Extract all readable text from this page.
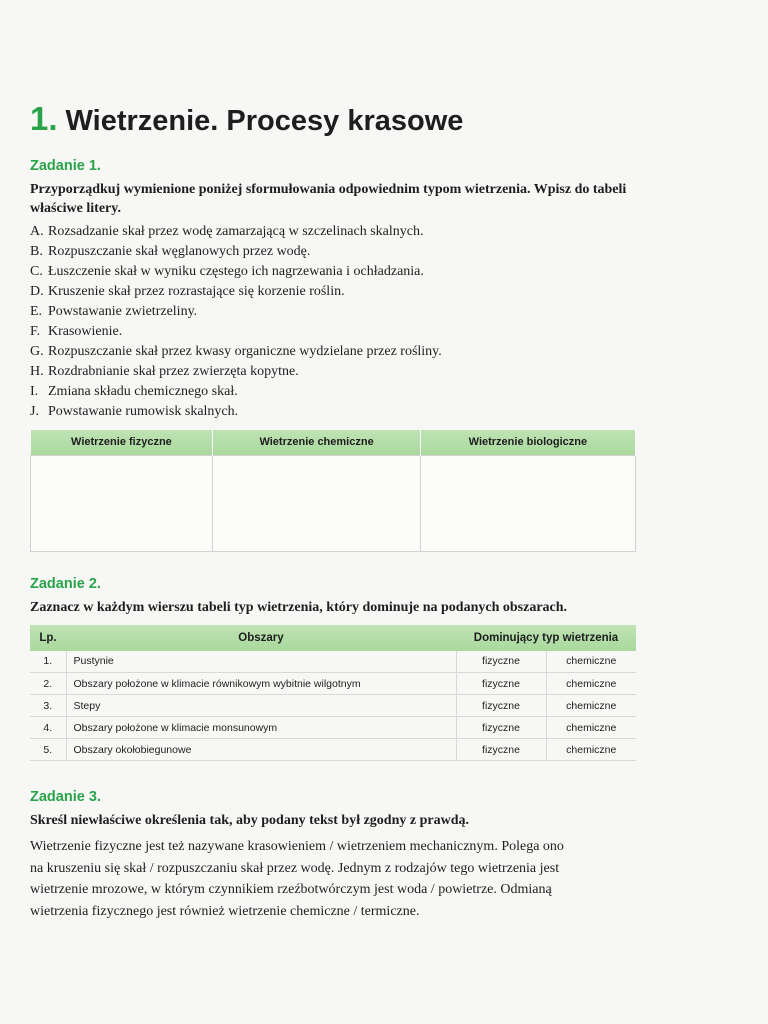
1. Wietrzenie. Procesy krasowe
Zadanie 1.
Przyporządkuj wymienione poniżej sformułowania odpowiednim typom wietrzenia. Wpisz do tabeli właściwe litery.
A. Rozsadzanie skał przez wodę zamarzającą w szczelinach skalnych.
B. Rozpuszczanie skał węglanowych przez wodę.
C. Łuszczenie skał w wyniku częstego ich nagrzewania i ochładzania.
D. Kruszenie skał przez rozrastające się korzenie roślin.
E. Powstawanie zwietrzeliny.
F. Krasowienie.
G. Rozpuszczanie skał przez kwasy organiczne wydzielane przez rośliny.
H. Rozdrabnianie skał przez zwierzęta kopytne.
I. Zmiana składu chemicznego skał.
J. Powstawanie rumowisk skalnych.
Wietrzenie fizyczne	Wietrzenie chemiczne	Wietrzenie biologiczne

Zadanie 2.
Zaznacz w każdym wierszu tabeli typ wietrzenia, który dominuje na podanych obszarach.
Lp.	Obszary	Dominujący typ wietrzenia	
1.	Pustynie	fizyczne	chemiczne
2.	Obszary położone w klimacie równikowym wybitnie wilgotnym	fizyczne	chemiczne
3.	Stepy	fizyczne	chemiczne
4.	Obszary położone w klimacie monsunowym	fizyczne	chemiczne
5.	Obszary okołobiegunowe	fizyczne	chemiczne
Zadanie 3.
Skreśl niewłaściwe określenia tak, aby podany tekst był zgodny z prawdą.
Wietrzenie fizyczne jest też nazywane krasowieniem / wietrzeniem mechanicznym. Polega ono
na kruszeniu się skał / rozpuszczaniu skał przez wodę. Jednym z rodzajów tego wietrzenia jest
wietrzenie mrozowe, w którym czynnikiem rzeźbotwórczym jest woda / powietrze. Odmianą
wietrzenia fizycznego jest również wietrzenie chemiczne / termiczne.
